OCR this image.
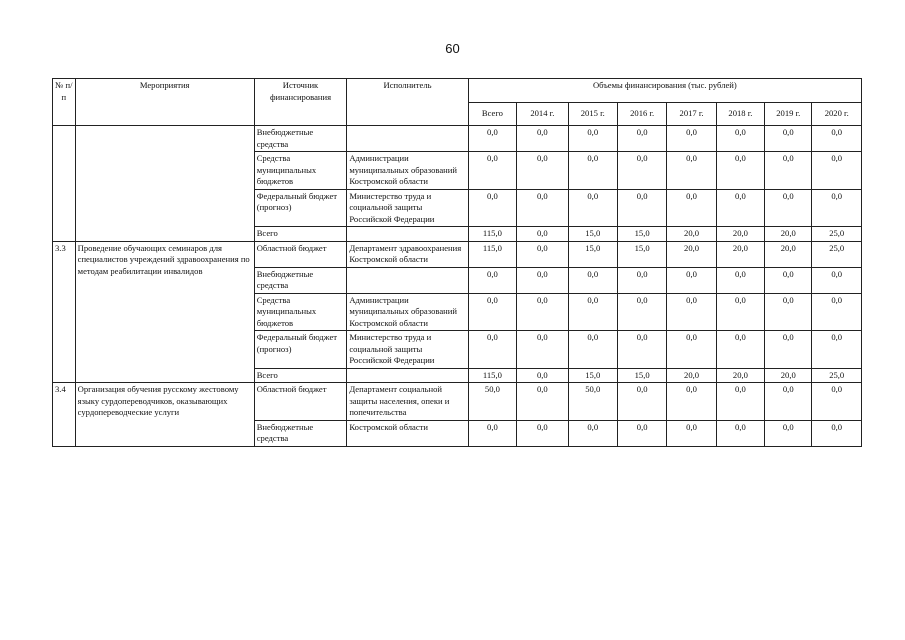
60
№ п/п	Мероприятия	Источник финансирования	Исполнитель	Объемы финансирования (тыс. рублей)							
				Всего	2014 г.	2015 г.	2016 г.	2017 г.	2018 г.	2019 г.	2020 г.
		Внебюджетные средства		0,0	0,0	0,0	0,0	0,0	0,0	0,0	0,0
		Средства муниципальных бюджетов	Администрации муниципальных образований Костромской области	0,0	0,0	0,0	0,0	0,0	0,0	0,0	0,0
		Федеральный бюджет (прогноз)	Министерство труда и социальной защиты Российской Федерации	0,0	0,0	0,0	0,0	0,0	0,0	0,0	0,0
		Всего		115,0	0,0	15,0	15,0	20,0	20,0	20,0	25,0
3.3	Проведение обучающих семинаров для специалистов учреждений здравоохранения по методам реабилитации инвалидов	Областной бюджет	Департамент здравоохранения Костромской области	115,0	0,0	15,0	15,0	20,0	20,0	20,0	25,0
		Внебюджетные средства		0,0	0,0	0,0	0,0	0,0	0,0	0,0	0,0
		Средства муниципальных бюджетов	Администрации муниципальных образований Костромской области	0,0	0,0	0,0	0,0	0,0	0,0	0,0	0,0
		Федеральный бюджет (прогноз)	Министерство труда и социальной защиты Российской Федерации	0,0	0,0	0,0	0,0	0,0	0,0	0,0	0,0
		Всего		115,0	0,0	15,0	15,0	20,0	20,0	20,0	25,0
3.4	Организация обучения русскому жестовому языку сурдопереводчиков, оказывающих сурдопереводческие услуги	Областной бюджет	Департамент социальной защиты населения, опеки и попечительства	50,0	0,0	50,0	0,0	0,0	0,0	0,0	0,0
		Внебюджетные средства	Костромской области	0,0	0,0	0,0	0,0	0,0	0,0	0,0	0,0
